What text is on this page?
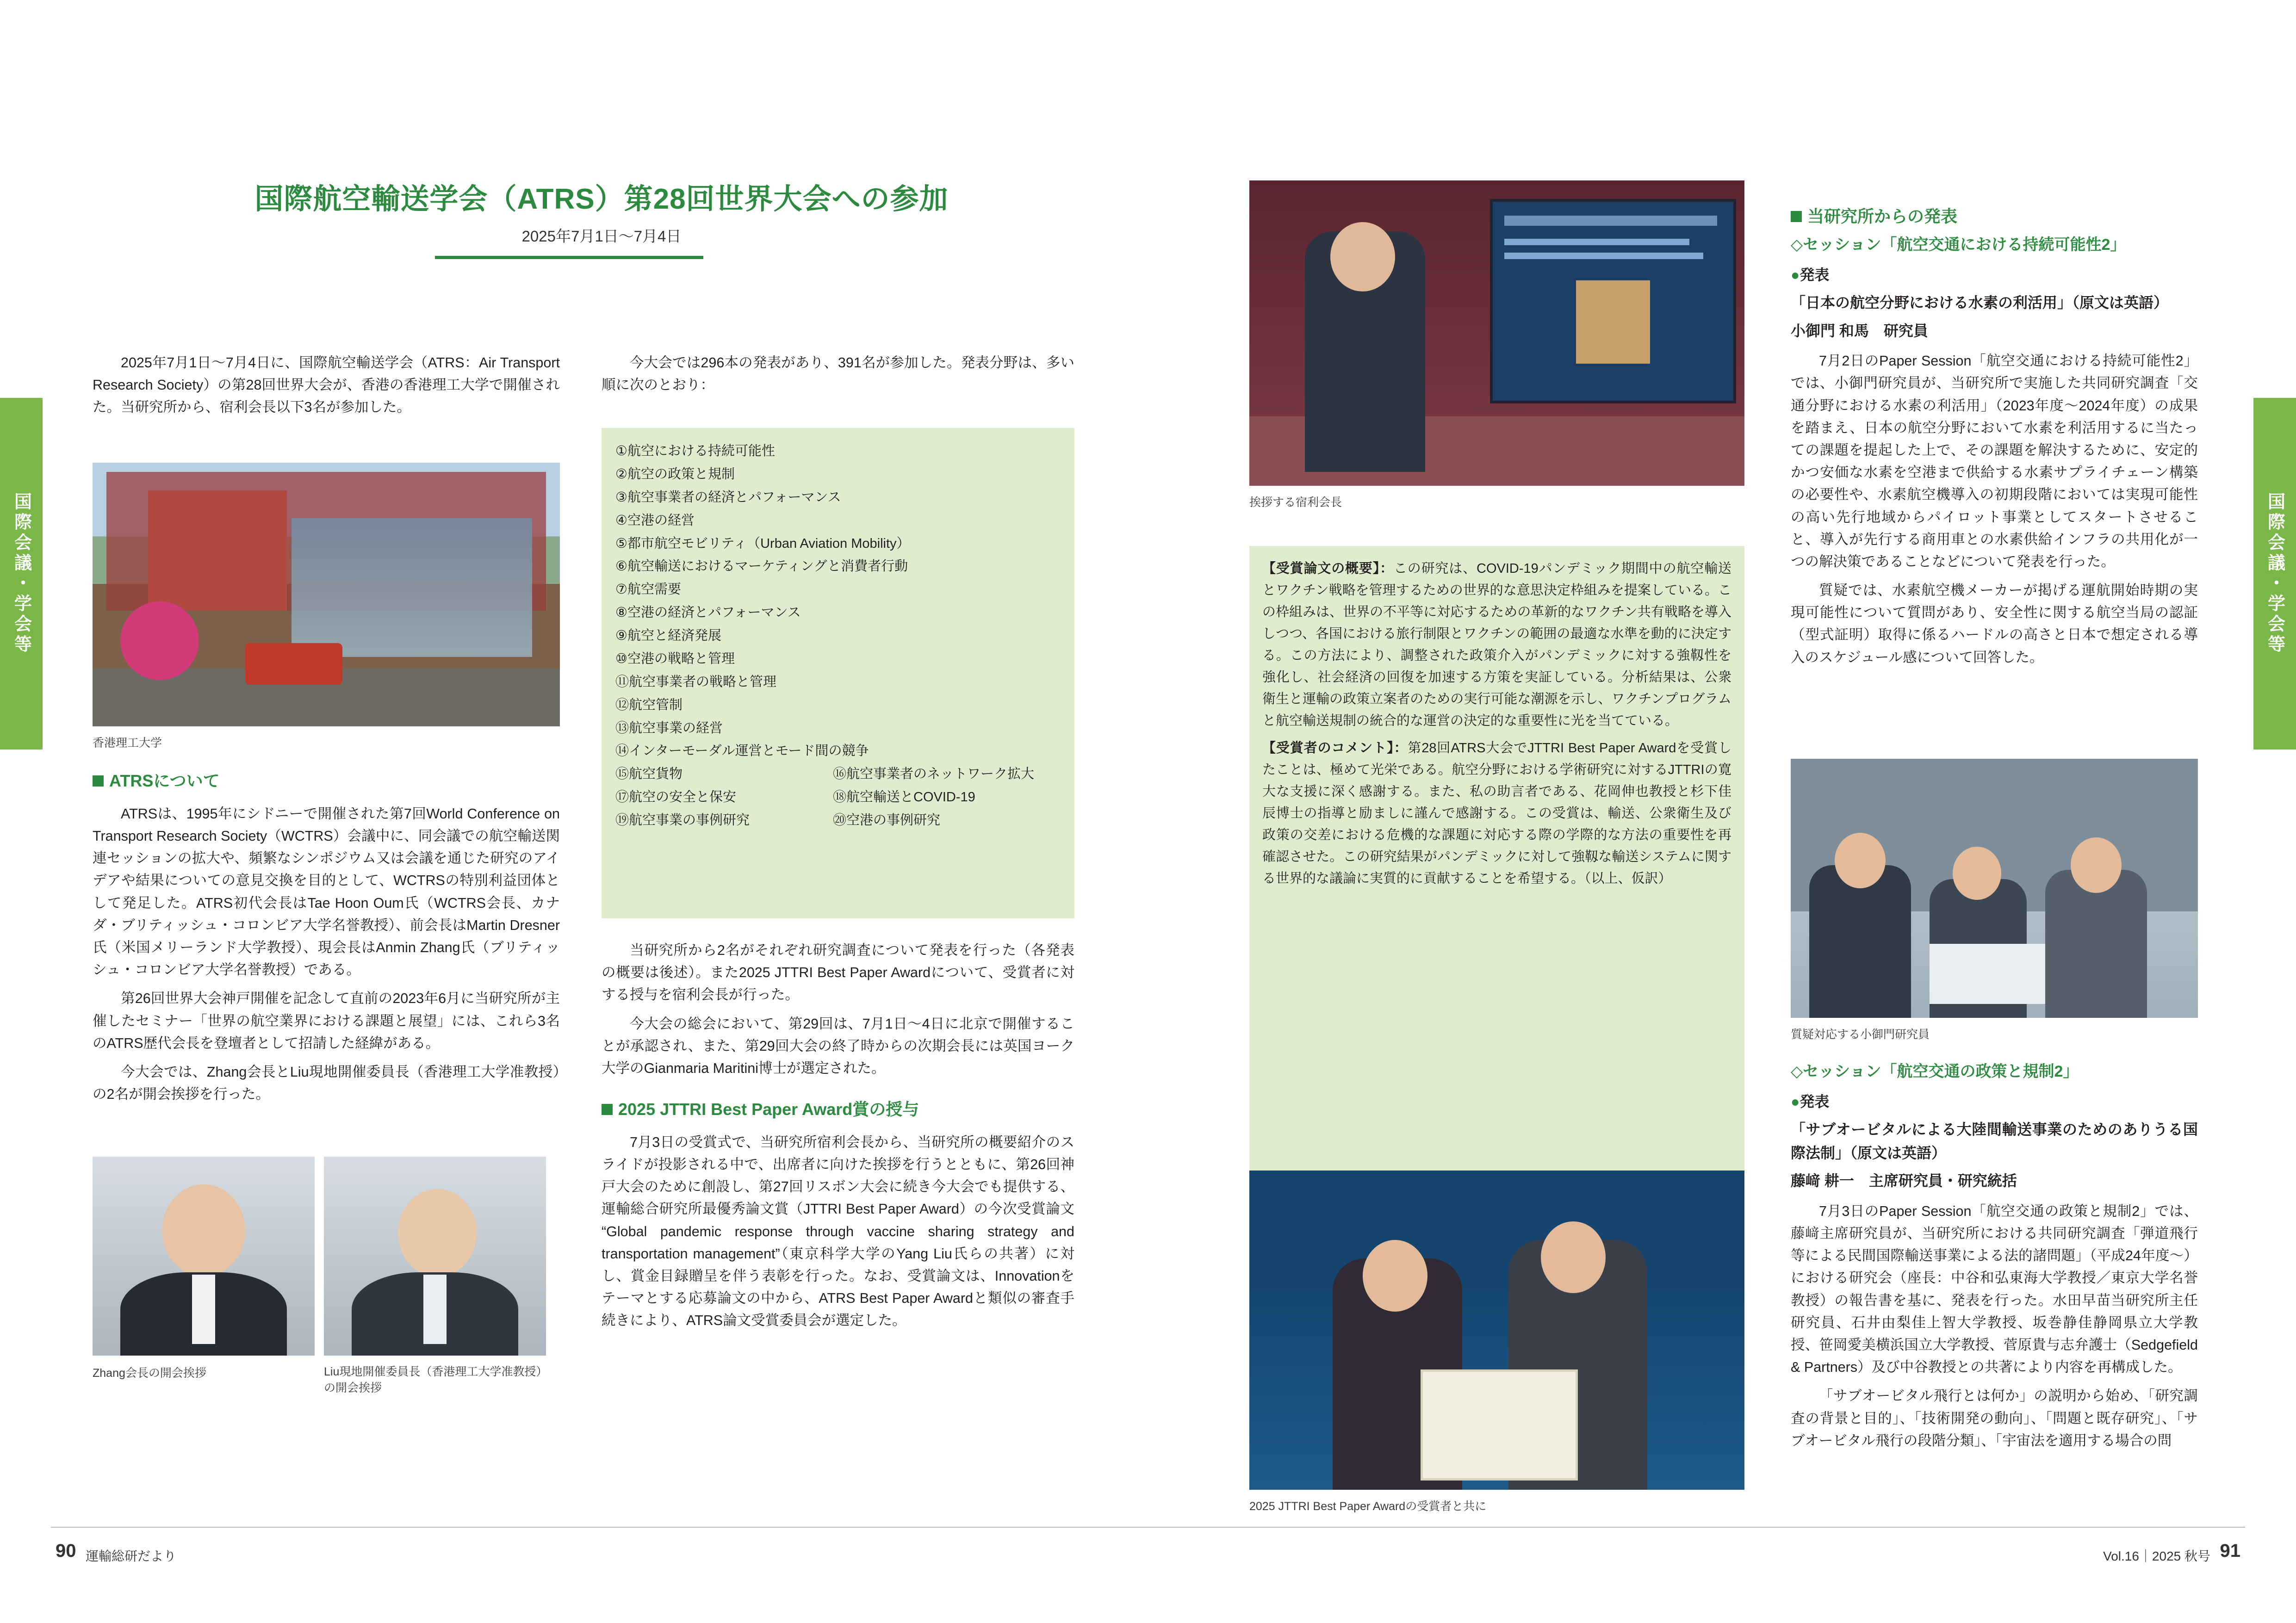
国際会議・学会等	国際会議・学会等
国際航空輸送学会（ATRS）第28回世界大会への参加
2025年7月1日〜7月4日

2025年7月1日〜7月4日に、国際航空輸送学会（ATRS：Air Transport Research Society）の第28回世界大会が、香港の香港理工大学で開催された。当研究所から、宿利会長以下3名が参加した。

香港理工大学
ATRSについて

ATRSは、1995年にシドニーで開催された第7回World Conference on Transport Research Society（WCTRS）会議中に、同会議での航空輸送関連セッションの拡大や、頻繁なシンポジウム又は会議を通じた研究のアイデアや結果についての意見交換を目的として、WCTRSの特別利益団体として発足した。ATRS初代会長はTae Hoon Oum氏（WCTRS会長、カナダ・ブリティッシュ・コロンビア大学名誉教授）、前会長はMartin Dresner氏（米国メリーランド大学教授）、現会長はAnmin Zhang氏（ブリティッシュ・コロンビア大学名誉教授）である。

第26回世界大会神戸開催を記念して直前の2023年6月に当研究所が主催したセミナー「世界の航空業界における課題と展望」には、これら3名のATRS歴代会長を登壇者として招請した経緯がある。

今大会では、Zhang会長とLiu現地開催委員長（香港理工大学准教授）の2名が開会挨拶を行った。

Zhang会長の開会挨拶	Liu現地開催委員長（香港理工大学准教授）の開会挨拶

今大会では296本の発表があり、391名が参加した。発表分野は、多い順に次のとおり：

①航空における持続可能性
②航空の政策と規制
③航空事業者の経済とパフォーマンス
④空港の経営
⑤都市航空モビリティ（Urban Aviation Mobility）
⑥航空輸送におけるマーケティングと消費者行動
⑦航空需要
⑧空港の経済とパフォーマンス
⑨航空と経済発展
⑩空港の戦略と管理
⑪航空事業者の戦略と管理
⑫航空管制
⑬航空事業の経営
⑭インターモーダル運営とモード間の競争
⑮航空貨物	⑯航空事業者のネットワーク拡大
⑰航空の安全と保安	⑱航空輸送とCOVID-19
⑲航空事業の事例研究	⑳空港の事例研究

当研究所から2名がそれぞれ研究調査について発表を行った（各発表の概要は後述）。また2025 JTTRI Best Paper Awardについて、受賞者に対する授与を宿利会長が行った。

今大会の総会において、第29回は、7月1日〜4日に北京で開催することが承認され、また、第29回大会の終了時からの次期会長には英国ヨーク大学のGianmaria Maritini博士が選定された。

2025 JTTRI Best Paper Award賞の授与

7月3日の受賞式で、当研究所宿利会長から、当研究所の概要紹介のスライドが投影される中で、出席者に向けた挨拶を行うとともに、第26回神戸大会のために創設し、第27回リスボン大会に続き今大会でも提供する、運輸総合研究所最優秀論文賞（JTTRI Best Paper Award）の今次受賞論文 “Global pandemic response through vaccine sharing strategy and transportation management”（東京科学大学のYang Liu氏らの共著）に対し、賞金目録贈呈を伴う表彰を行った。なお、受賞論文は、Innovationをテーマとする応募論文の中から、ATRS Best Paper Awardと類似の審査手続きにより、ATRS論文受賞委員会が選定した。

挨拶する宿利会長

【受賞論文の概要】：この研究は、COVID-19パンデミック期間中の航空輸送とワクチン戦略を管理するための世界的な意思決定枠組みを提案している。この枠組みは、世界の不平等に対応するための革新的なワクチン共有戦略を導入しつつ、各国における旅行制限とワクチンの範囲の最適な水準を動的に決定する。この方法により、調整された政策介入がパンデミックに対する強靱性を強化し、社会経済の回復を加速する方策を実証している。分析結果は、公衆衛生と運輸の政策立案者のための実行可能な潮源を示し、ワクチンプログラムと航空輸送規制の統合的な運営の決定的な重要性に光を当てている。

【受賞者のコメント】：第28回ATRS大会でJTTRI Best Paper Awardを受賞したことは、極めて光栄である。航空分野における学術研究に対するJTTRIの寛大な支援に深く感謝する。また、私の助言者である、花岡伸也教授と杉下佳辰博士の指導と励ましに謹んで感謝する。この受賞は、輸送、公衆衛生及び政策の交差における危機的な課題に対応する際の学際的な方法の重要性を再確認させた。この研究結果がパンデミックに対して強靱な輸送システムに関する世界的な議論に実質的に貢献することを希望する。（以上、仮訳）

2025 JTTRI Best Paper Awardの受賞者と共に
当研究所からの発表
◇セッション「航空交通における持続可能性2」
●発表
「日本の航空分野における水素の利活用」（原文は英語）
小御門 和馬　研究員

7月2日のPaper Session「航空交通における持続可能性2」では、小御門研究員が、当研究所で実施した共同研究調査「交通分野における水素の利活用」（2023年度〜2024年度）の成果を踏まえ、日本の航空分野において水素を利活用するに当たっての課題を提起した上で、その課題を解決するために、安定的かつ安価な水素を空港まで供給する水素サプライチェーン構築の必要性や、水素航空機導入の初期段階においては実現可能性の高い先行地域からパイロット事業としてスタートさせること、導入が先行する商用車との水素供給インフラの共用化が一つの解決策であることなどについて発表を行った。

質疑では、水素航空機メーカーが掲げる運航開始時期の実現可能性について質問があり、安全性に関する航空当局の認証（型式証明）取得に係るハードルの高さと日本で想定される導入のスケジュール感について回答した。

質疑対応する小御門研究員
◇セッション「航空交通の政策と規制2」
●発表
「サブオービタルによる大陸間輸送事業のためのありうる国際法制」（原文は英語）
藤﨑 耕一　主席研究員・研究統括

7月3日のPaper Session「航空交通の政策と規制2」では、藤﨑主席研究員が、当研究所における共同研究調査「弾道飛行等による民間国際輸送事業による法的諸問題」（平成24年度〜）における研究会（座長：中谷和弘東海大学教授／東京大学名誉教授）の報告書を基に、発表を行った。水田早苗当研究所主任研究員、石井由梨佳上智大学教授、坂巻静佳静岡県立大学教授、笹岡愛美横浜国立大学教授、菅原貴与志弁護士（Sedgefield & Partners）及び中谷教授との共著により内容を再構成した。

「サブオービタル飛行とは何か」の説明から始め、「研究調査の背景と目的」、「技術開発の動向」、「問題と既存研究」、「サブオービタル飛行の段階分類」、「宇宙法を適用する場合の問

90 運輸総研だより	Vol.16｜2025 秋号 91
